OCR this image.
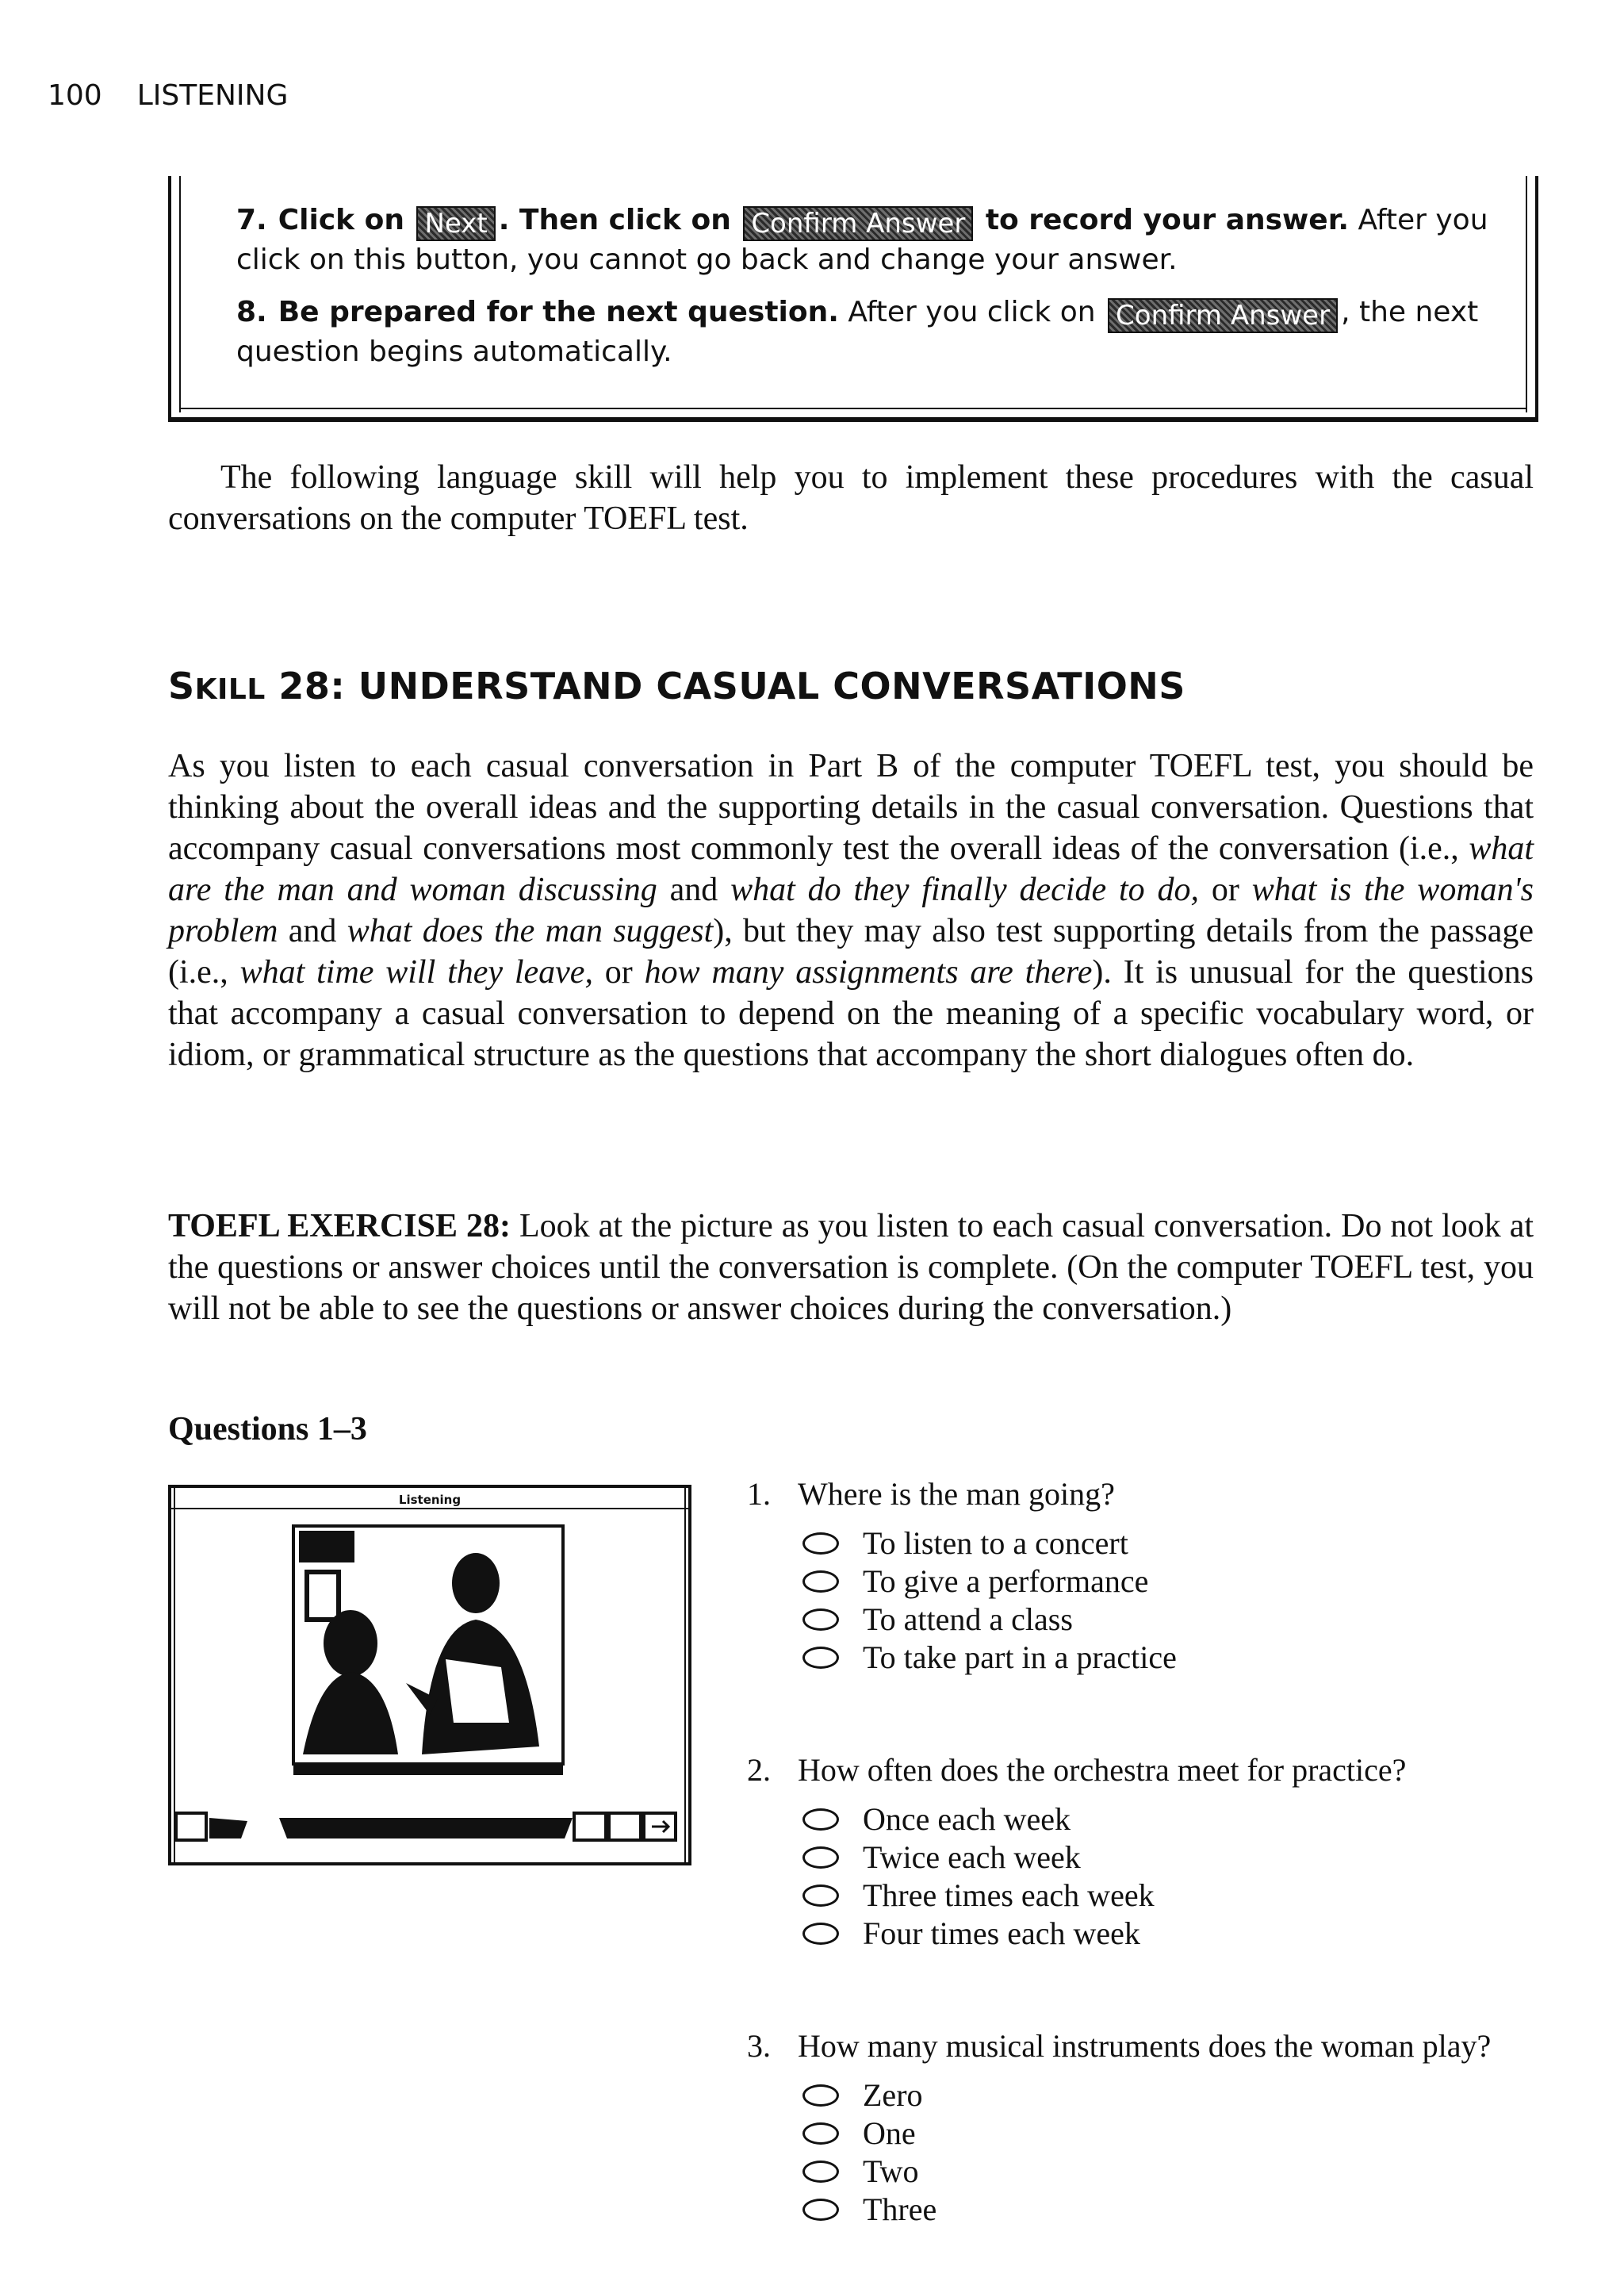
100 LISTENING
7. Click on Next . Then click on Confirm Answer to record your answer. After you click on this button, you cannot go back and change your answer.
8. Be prepared for the next question. After you click on Confirm Answer , the next question begins automatically.

The following language skill will help you to implement these procedures with the casual conversations on the computer TOEFL test.

SKILL 28: UNDERSTAND CASUAL CONVERSATIONS

As you listen to each casual conversation in Part B of the computer TOEFL test, you should be thinking about the overall ideas and the supporting details in the casual conversation. Questions that accompany casual conversations most commonly test the overall ideas of the conversation (i.e., what are the man and woman discussing and what do they finally decide to do, or what is the woman's problem and what does the man suggest), but they may also test supporting details from the passage (i.e., what time will they leave, or how many assignments are there). It is unusual for the questions that accompany a casual conversation to depend on the meaning of a specific vocabulary word, or idiom, or grammatical structure as the questions that accompany the short dialogues often do.

TOEFL EXERCISE 28: Look at the picture as you listen to each casual conversation. Do not look at the questions or answer choices until the conversation is complete. (On the computer TOEFL test, you will not be able to see the questions or answer choices during the conversation.)

Questions 1–3
Listening	1. Where is the man going?
To listen to a concert
To give a performance
To attend a class
To take part in a practice
2. How often does the orchestra meet for practice?
Once each week
Twice each week
Three times each week
Four times each week
3. How many musical instruments does the woman play?
Zero
One
Two
Three
